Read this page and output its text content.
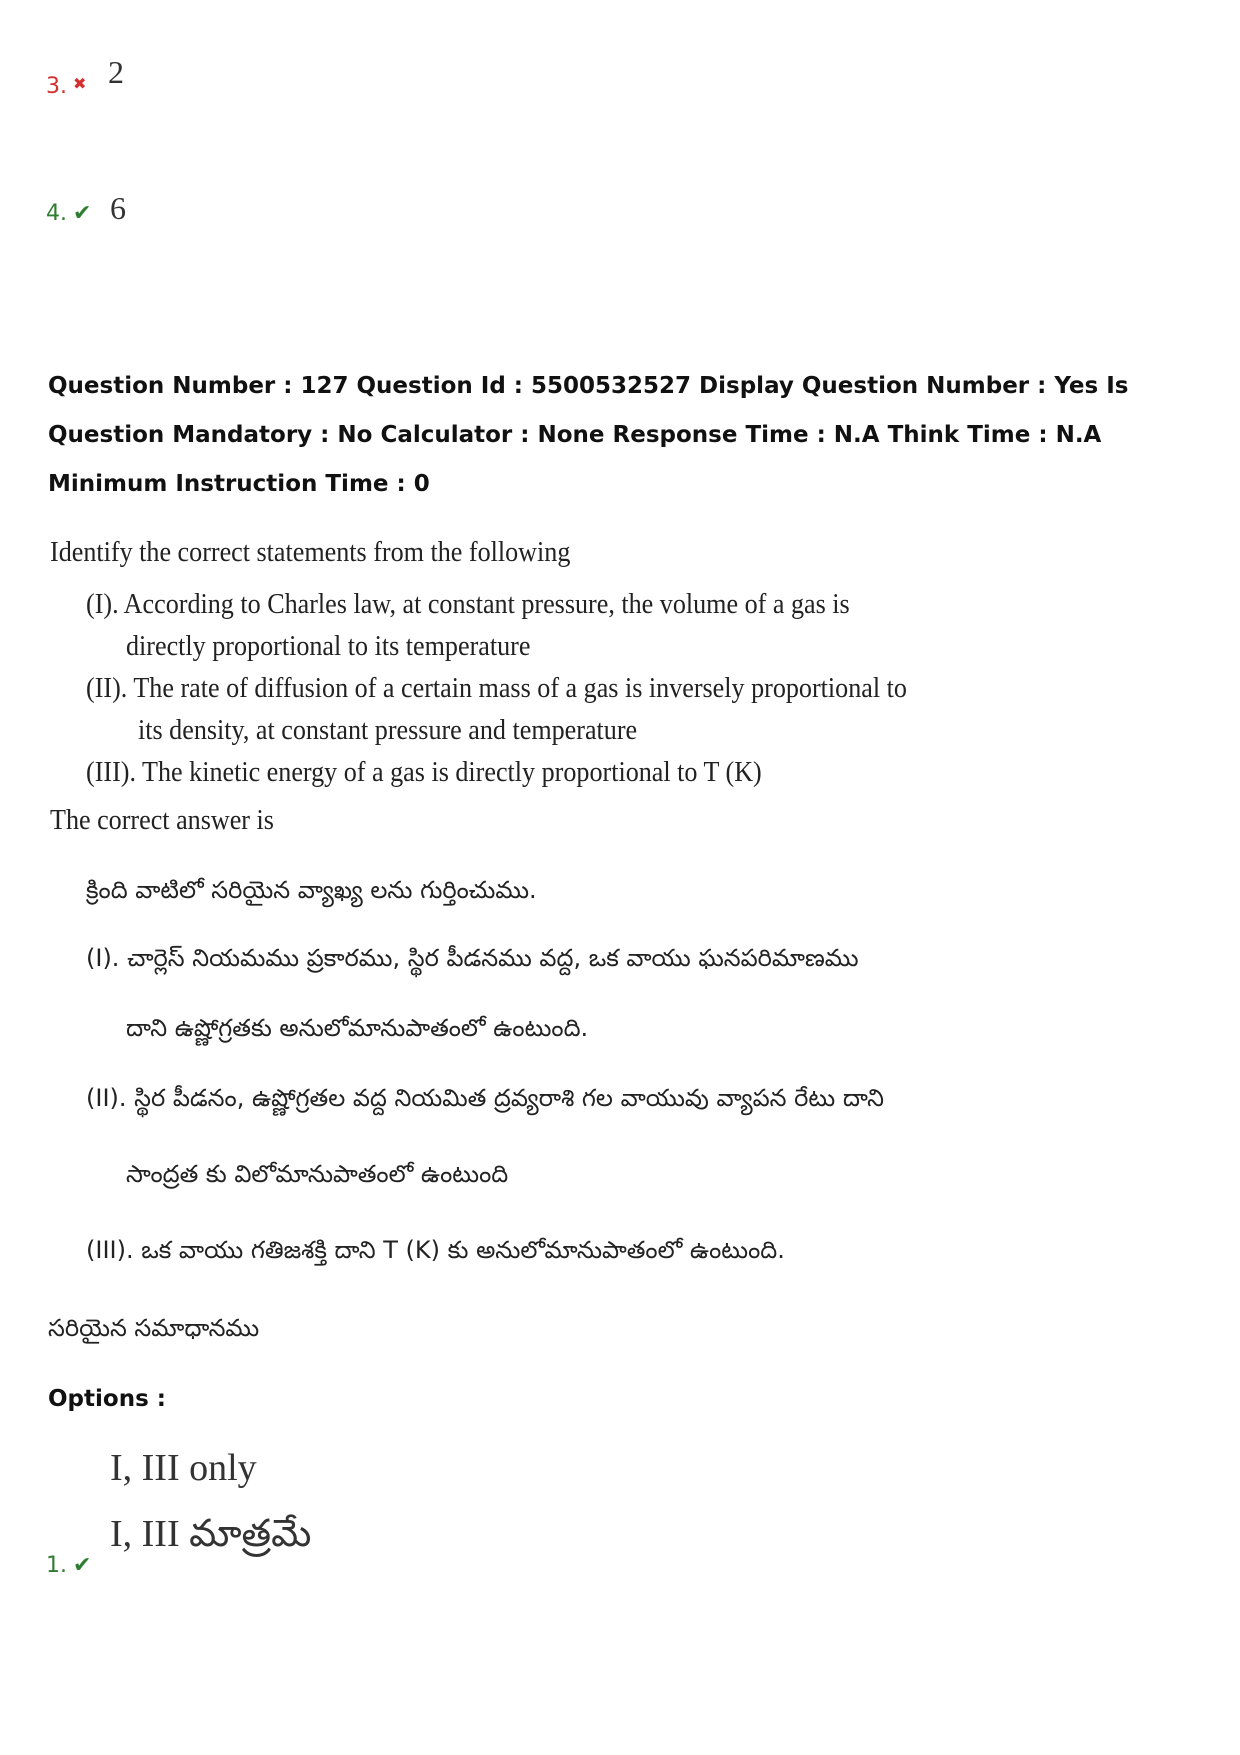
3. ✖ 2
4. ✔ 6
Question Number : 127 Question Id : 5500532527 Display Question Number : Yes Is Question Mandatory : No Calculator : None Response Time : N.A Think Time : N.A Minimum Instruction Time : 0
Identify the correct statements from the following
(I). According to Charles law, at constant pressure, the volume of a gas is
directly proportional to its temperature
(II). The rate of diffusion of a certain mass of a gas is inversely proportional to
its density, at constant pressure and temperature
(III). The kinetic energy of a gas is directly proportional to T (K)
The correct answer is
క్రింది వాటిలో సరియైన వ్యాఖ్య లను గుర్తించుము.
(I). చార్లెస్ నియమము ప్రకారము, స్థిర పీడనము వద్ద, ఒక వాయు ఘనపరిమాణము
దాని ఉష్ణోగ్రతకు అనులోమానుపాతంలో ఉంటుంది.
(II). స్థిర పీడనం, ఉష్ణోగ్రతల వద్ద నియమిత ద్రవ్యరాశి గల వాయువు వ్యాపన రేటు దాని
సాంద్రత కు విలోమానుపాతంలో ఉంటుంది
(III). ఒక వాయు గతిజశక్తి దాని T (K) కు అనులోమానుపాతంలో ఉంటుంది.
సరియైన సమాధానము
Options :
I, III only
I, III మాత్రమే
1. ✔
